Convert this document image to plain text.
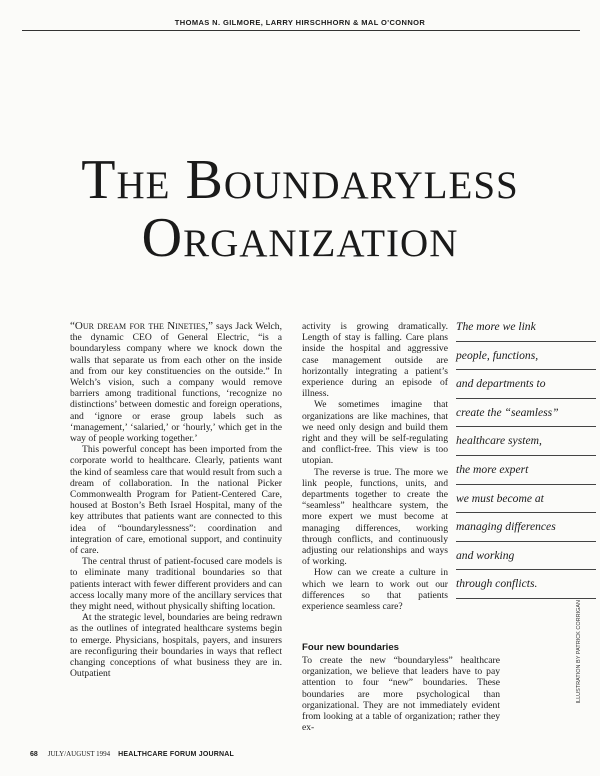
THOMAS N. GILMORE, LARRY HIRSCHHORN & MAL O'CONNOR
The Boundaryless
Organization

“Our dream for the Nineties,” says Jack Welch, the dynamic CEO of General Electric, “is a boundaryless company where we knock down the walls that separate us from each other on the inside and from our key constituencies on the outside.” In Welch’s vision, such a company would remove barriers among traditional functions, ‘recognize no distinctions’ between domestic and foreign operations, and ‘ignore or erase group labels such as ‘management,’ ‘salaried,’ or ‘hourly,’ which get in the way of people working together.’

This powerful concept has been imported from the corporate world to healthcare. Clearly, patients want the kind of seamless care that would result from such a dream of collaboration. In the national Picker Commonwealth Program for Patient-Centered Care, housed at Boston’s Beth Israel Hospital, many of the key attributes that patients want are connected to this idea of “boundarylessness”: coordination and integration of care, emotional support, and continuity of care.

The central thrust of patient-focused care models is to eliminate many traditional boundaries so that patients interact with fewer different providers and can access locally many more of the ancillary services that they might need, without physically shifting location.

At the strategic level, boundaries are being redrawn as the outlines of integrated healthcare systems begin to emerge. Physicians, hospitals, payers, and insurers are reconfiguring their boundaries in ways that reflect changing conceptions of what business they are in. Outpatient

activity is growing dramatically. Length of stay is falling. Care plans inside the hospital and aggressive case management outside are horizontally integrating a patient’s experience during an episode of illness.

We sometimes imagine that organizations are like machines, that we need only design and build them right and they will be self-regulating and conflict-free. This view is too utopian.

The reverse is true. The more we link people, functions, units, and departments together to create the “seamless” healthcare system, the more expert we must become at managing differences, working through conflicts, and continuously adjusting our relationships and ways of working.

How can we create a culture in which we learn to work out our differences so that patients experience seamless care?

Four new boundaries

To create the new “boundaryless” healthcare organization, we believe that leaders have to pay attention to four “new” boundaries. These boundaries are more psychological than organizational. They are not immediately evident from looking at a table of organization; rather they ex-

The more we link
people, functions,
and departments to
create the “seamless”
healthcare system,
the more expert
we must become at
managing differences
and working
through conflicts.
ILLUSTRATION BY PATRICK CORRIGAN
68 JULY/AUGUST 1994 HEALTHCARE FORUM JOURNAL
